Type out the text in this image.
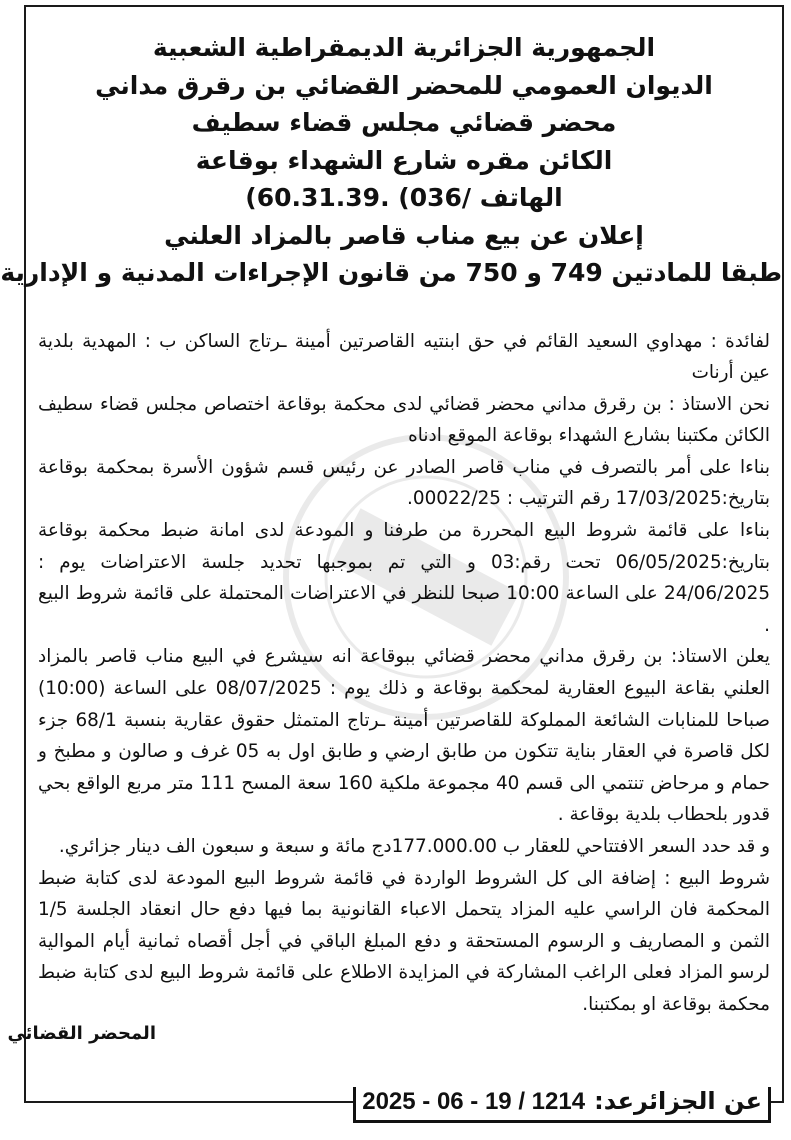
الجمهورية الجزائرية الديمقراطية الشعبية

الديوان العمومي للمحضر القضائي بن رقرق مداني

محضر قضائي مجلس قضاء سطيف

الكائن مقره شارع الشهداء بوقاعة

الهاتف /036) .60.31.39)

إعلان عن بيع مناب قاصر بالمزاد العلني

طبقا للمادتين 749 و 750 من قانون الإجراءات المدنية و الإدارية

لفائدة : مهداوي السعيد القائم في حق ابنتيه القاصرتين أمينة ـرتاج الساكن ب : المهدية بلدية عين أرنات

نحن الاستاذ : بن رقرق مداني محضر قضائي لدى محكمة بوقاعة اختصاص مجلس قضاء سطيف الكائن مكتبنا بشارع الشهداء بوقاعة الموقع ادناه

بناءا على أمر بالتصرف في مناب قاصر الصادر عن رئيس قسم شؤون الأسرة بمحكمة بوقاعة بتاريخ:17/03/2025 رقم الترتيب : 00022/25.

بناءا على قائمة شروط البيع المحررة من طرفنا و المودعة لدى امانة ضبط محكمة بوقاعة بتاريخ:06/05/2025 تحت رقم:03 و التي تم بموجبها تحديد جلسة الاعتراضات يوم : 24/06/2025 على الساعة 10:00 صبحا للنظر في الاعتراضات المحتملة على قائمة شروط البيع .

يعلن الاستاذ: بن رقرق مداني محضر قضائي ببوقاعة انه سيشرع في البيع مناب قاصر بالمزاد العلني بقاعة البيوع العقارية لمحكمة بوقاعة و ذلك يوم : 08/07/2025 على الساعة (10:00) صباحا للمنابات الشائعة المملوكة للقاصرتين أمينة ـرتاج المتمثل حقوق عقارية بنسبة 68/1 جزء لكل قاصرة في العقار بناية تتكون من طابق ارضي و طابق اول به 05 غرف و صالون و مطبخ و حمام و مرحاض تنتمي الى قسم 40 مجموعة ملكية 160 سعة المسح 111 متر مربع الواقع بحي قدور بلحطاب بلدية بوقاعة .

و قد حدد السعر الافتتاحي للعقار ب 177.000.00دج مائة و سبعة و سبعون الف دينار جزائري.

شروط البيع : إضافة الى كل الشروط الواردة في قائمة شروط البيع المودعة لدى كتابة ضبط المحكمة فان الراسي عليه المزاد يتحمل الاعباء القانونية بما فيها دفع حال انعقاد الجلسة 1/5 الثمن و المصاريف و الرسوم المستحقة و دفع المبلغ الباقي في أجل أقصاه ثمانية أيام الموالية لرسو المزاد فعلى الراغب المشاركة في المزايدة الاطلاع على قائمة شروط البيع لدى كتابة ضبط محكمة بوقاعة او بمكتبنا.

المحضر القضائي

عن الجزائرعد: 2025 - 06 - 19 / 1214
